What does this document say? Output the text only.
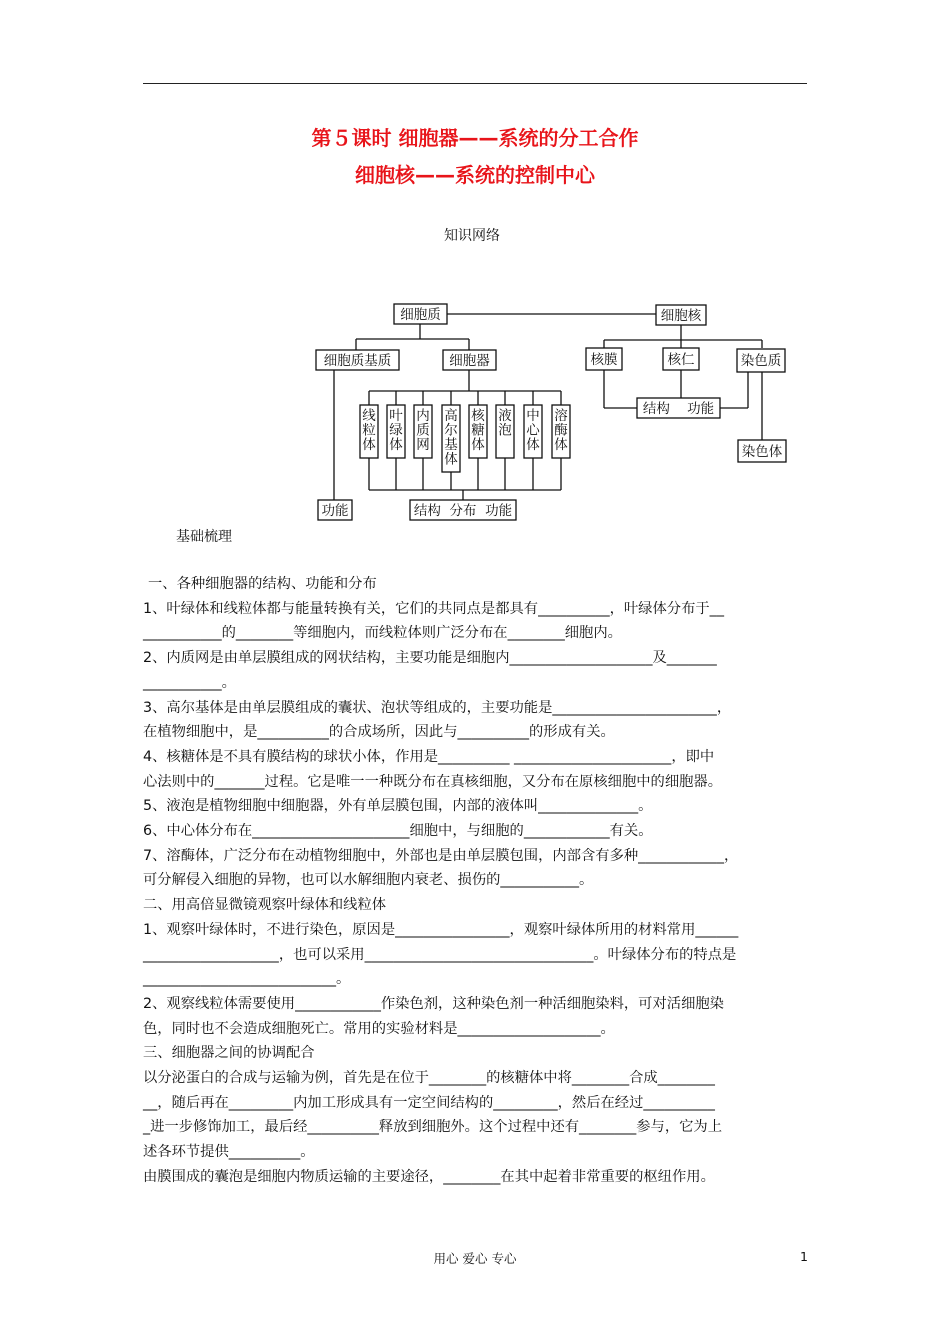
第５课时 细胞器——系统的分工合作
细胞核——系统的控制中心
知识网络
细胞质	细胞核
细胞质基质	细胞器
线粒体
叶绿体
内质网
高尔基体
核糖体
液泡
中心体
溶酶体
功能	结构  分布  功能
核膜	核仁	染色质
结构    功能
染色体
基础梳理

一、各种细胞器的结构、功能和分布

1、叶绿体和线粒体都与能量转换有关，它们的共同点是都具有__________，叶绿体分布于__

___________的________等细胞内，而线粒体则广泛分布在________细胞内。

2、内质网是由单层膜组成的网状结构，主要功能是细胞内____________________及_______

___________。

3、高尔基体是由单层膜组成的囊状、泡状等组成的，主要功能是_______________________，

在植物细胞中，是__________的合成场所，因此与__________的形成有关。

4、核糖体是不具有膜结构的球状小体，作用是__________ ______________________，即中

心法则中的_______过程。它是唯一一种既分布在真核细胞，又分布在原核细胞中的细胞器。

5、液泡是植物细胞中细胞器，外有单层膜包围，内部的液体叫______________。

6、中心体分布在______________________细胞中，与细胞的____________有关。

7、溶酶体，广泛分布在动植物细胞中，外部也是由单层膜包围，内部含有多种____________，

可分解侵入细胞的异物，也可以水解细胞内衰老、损伤的___________。

二、用高倍显微镜观察叶绿体和线粒体

1、观察叶绿体时，不进行染色，原因是________________，观察叶绿体所用的材料常用______

___________________，也可以采用________________________________。叶绿体分布的特点是

___________________________。

2、观察线粒体需要使用____________作染色剂，这种染色剂一种活细胞染料，可对活细胞染

色，同时也不会造成细胞死亡。常用的实验材料是____________________。

三、细胞器之间的协调配合

以分泌蛋白的合成与运输为例，首先是在位于________的核糖体中将________合成________

__，随后再在_________内加工形成具有一定空间结构的_________，然后在经过__________

_进一步修饰加工，最后经__________释放到细胞外。这个过程中还有________参与，它为上

述各环节提供__________。

由膜围成的囊泡是细胞内物质运输的主要途径，________在其中起着非常重要的枢纽作用。

用心 爱心 专心	1
